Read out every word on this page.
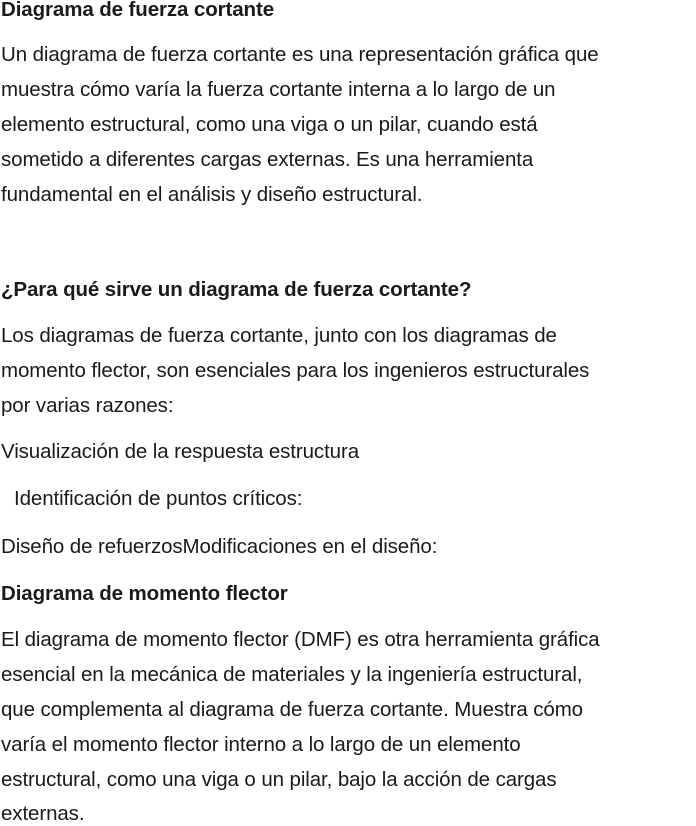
Diagrama de fuerza cortante
Un diagrama de fuerza cortante es una representación gráfica que
muestra cómo varía la fuerza cortante interna a lo largo de un
elemento estructural, como una viga o un pilar, cuando está
sometido a diferentes cargas externas. Es una herramienta
fundamental en el análisis y diseño estructural.
¿Para qué sirve un diagrama de fuerza cortante?
Los diagramas de fuerza cortante, junto con los diagramas de
momento flector, son esenciales para los ingenieros estructurales
por varias razones:
Visualización de la respuesta estructura
Identificación de puntos críticos:
Diseño de refuerzosModificaciones en el diseño:
Diagrama de momento flector
El diagrama de momento flector (DMF) es otra herramienta gráfica
esencial en la mecánica de materiales y la ingeniería estructural,
que complementa al diagrama de fuerza cortante. Muestra cómo
varía el momento flector interno a lo largo de un elemento
estructural, como una viga o un pilar, bajo la acción de cargas
externas.
